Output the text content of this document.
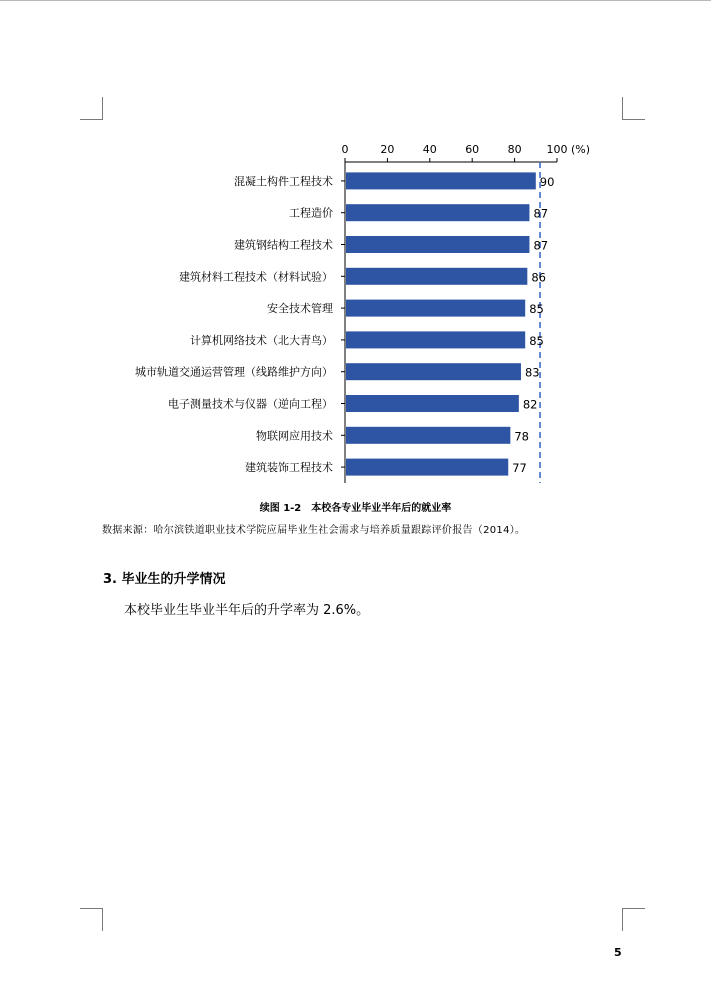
0	20	40	60	80 100 (%)
混凝土构件工程技术	90
工程造价	87
建筑钢结构工程技术	87
建筑材料工程技术（材料试验）	86
安全技术管理	85
计算机网络技术（北大青鸟）	85
城市轨道交通运营管理（线路维护方向）	83
电子测量技术与仪器（逆向工程）	82
物联网应用技术	78
建筑装饰工程技术	77
续图 1-2　本校各专业毕业半年后的就业率
数据来源：哈尔滨铁道职业技术学院应届毕业生社会需求与培养质量跟踪评价报告（2014）。
3. 毕业生的升学情况
本校毕业生毕业半年后的升学率为 2.6%。
5
